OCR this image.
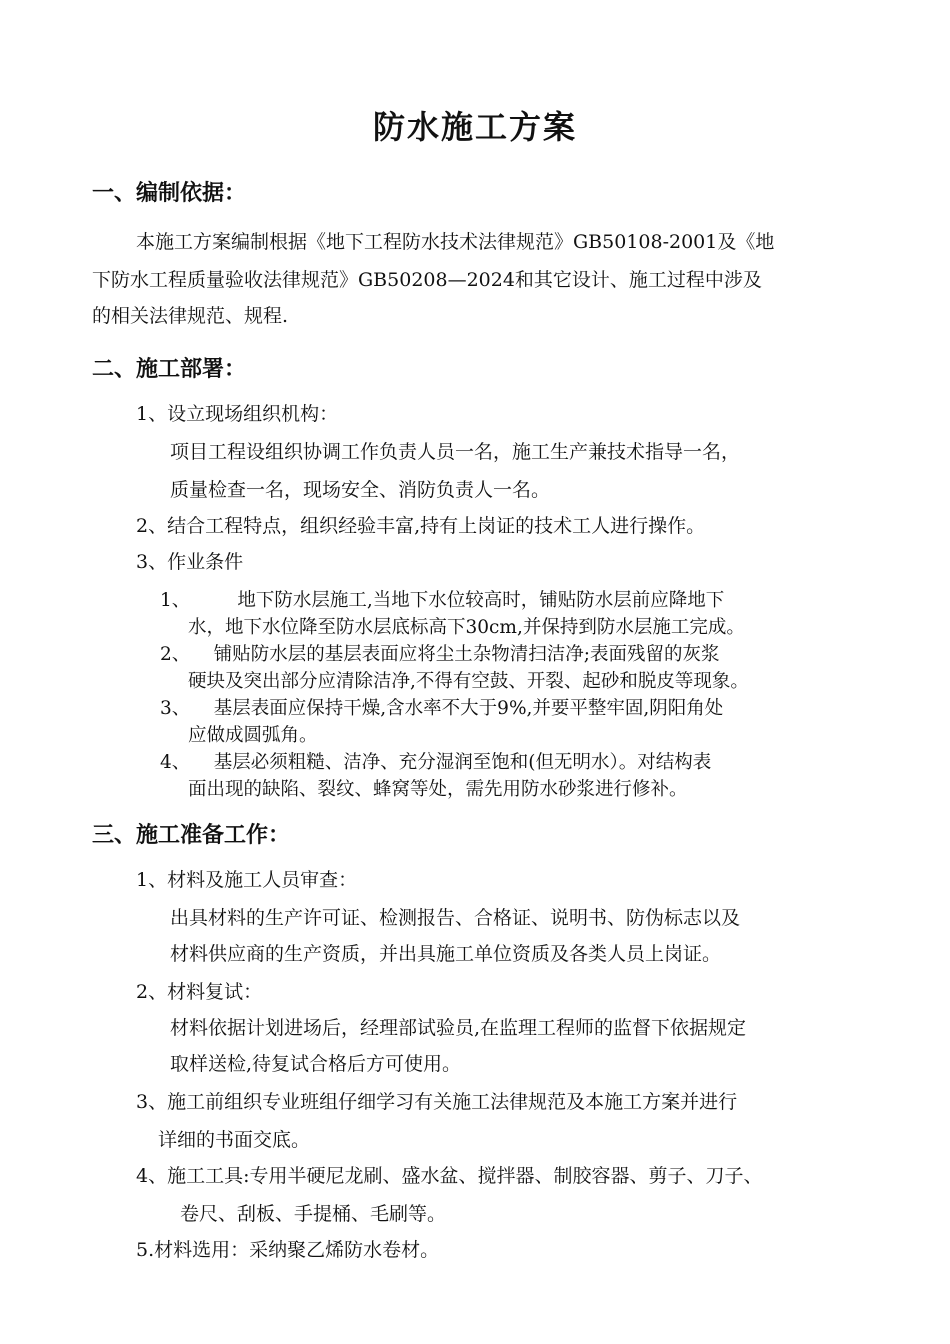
防水施工方案
一、编制依据：
本施工方案编制根据《地下工程防水技术法律规范》GB50108-2001及《地
下防水工程质量验收法律规范》GB50208—2024和其它设计、施工过程中涉及
的相关法律规范、规程.
二、施工部署：
1、设立现场组织机构：
项目工程设组织协调工作负责人员一名，施工生产兼技术指导一名，
质量检查一名，现场安全、消防负责人一名。
2、结合工程特点，组织经验丰富,持有上岗证的技术工人进行操作。
3、作业条件
1、        地下防水层施工,当地下水位较高时，铺贴防水层前应降地下
水，地下水位降至防水层底标高下30cm,并保持到防水层施工完成。
2、    铺贴防水层的基层表面应将尘土杂物清扫洁净;表面残留的灰浆
硬块及突出部分应清除洁净,不得有空鼓、开裂、起砂和脱皮等现象。
3、    基层表面应保持干燥,含水率不大于9%,并要平整牢固,阴阳角处
应做成圆弧角。
4、    基层必须粗糙、洁净、充分湿润至饱和(但无明水）。对结构表
面出现的缺陷、裂纹、蜂窝等处，需先用防水砂浆进行修补。
三、施工准备工作：
1、材料及施工人员审查：
出具材料的生产许可证、检测报告、合格证、说明书、防伪标志以及
材料供应商的生产资质，并出具施工单位资质及各类人员上岗证。
2、材料复试：
材料依据计划进场后，经理部试验员,在监理工程师的监督下依据规定
取样送检,待复试合格后方可使用。
3、施工前组织专业班组仔细学习有关施工法律规范及本施工方案并进行
详细的书面交底。
4、施工工具:专用半硬尼龙刷、盛水盆、搅拌器、制胶容器、剪子、刀子、
卷尺、刮板、手提桶、毛刷等。
5.材料选用：采纳聚乙烯防水卷材。
